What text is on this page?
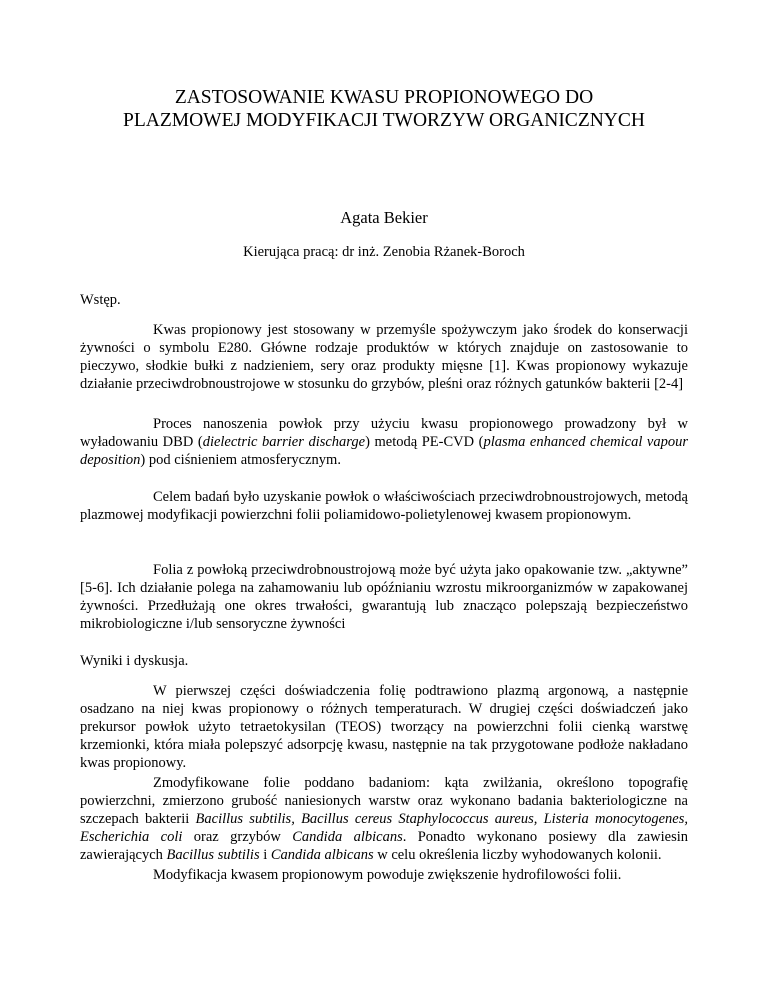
ZASTOSOWANIE KWASU PROPIONOWEGO DO
PLAZMOWEJ MODYFIKACJI TWORZYW ORGANICZNYCH
Agata Bekier
Kierująca pracą: dr inż. Zenobia Rżanek-Boroch
Wstęp.

Kwas propionowy jest stosowany w przemyśle spożywczym jako środek do konserwacji żywności o symbolu E280. Główne rodzaje produktów w których znajduje on zastosowanie to pieczywo, słodkie bułki z nadzieniem, sery oraz produkty mięsne [1]. Kwas propionowy wykazuje działanie przeciwdrobnoustrojowe w stosunku do grzybów, pleśni oraz różnych gatunków bakterii [2-4]

Proces nanoszenia powłok przy użyciu kwasu propionowego prowadzony był w wyładowaniu DBD (dielectric barrier discharge) metodą PE-CVD (plasma enhanced chemical vapour deposition) pod ciśnieniem atmosferycznym.

Celem badań było uzyskanie powłok o właściwościach przeciwdrobnoustrojowych, metodą plazmowej modyfikacji powierzchni folii poliamidowo-polietylenowej kwasem propionowym.

Folia z powłoką przeciwdrobnoustrojową może być użyta jako opakowanie tzw. „aktywne” [5-6]. Ich działanie polega na zahamowaniu lub opóźnianiu wzrostu mikroorganizmów w zapakowanej żywności. Przedłużają one okres trwałości, gwarantują lub znacząco polepszają bezpieczeństwo mikrobiologiczne i/lub sensoryczne żywności

Wyniki i dyskusja.

W pierwszej części doświadczenia folię podtrawiono plazmą argonową, a następnie osadzano na niej kwas propionowy o różnych temperaturach. W drugiej części doświadczeń jako prekursor powłok użyto tetraetokysilan (TEOS) tworzący na powierzchni folii cienką warstwę krzemionki, która miała polepszyć adsorpcję kwasu, następnie na tak przygotowane podłoże nakładano kwas propionowy.

Zmodyfikowane folie poddano badaniom: kąta zwilżania, określono topografię powierzchni, zmierzono grubość naniesionych warstw oraz wykonano badania bakteriologiczne na szczepach bakterii Bacillus subtilis, Bacillus cereus Staphylococcus aureus, Listeria monocytogenes, Escherichia coli oraz grzybów Candida albicans. Ponadto wykonano posiewy dla zawiesin zawierających Bacillus subtilis i Candida albicans w celu określenia liczby wyhodowanych kolonii.

Modyfikacja kwasem propionowym powoduje zwiększenie hydrofilowości folii.
